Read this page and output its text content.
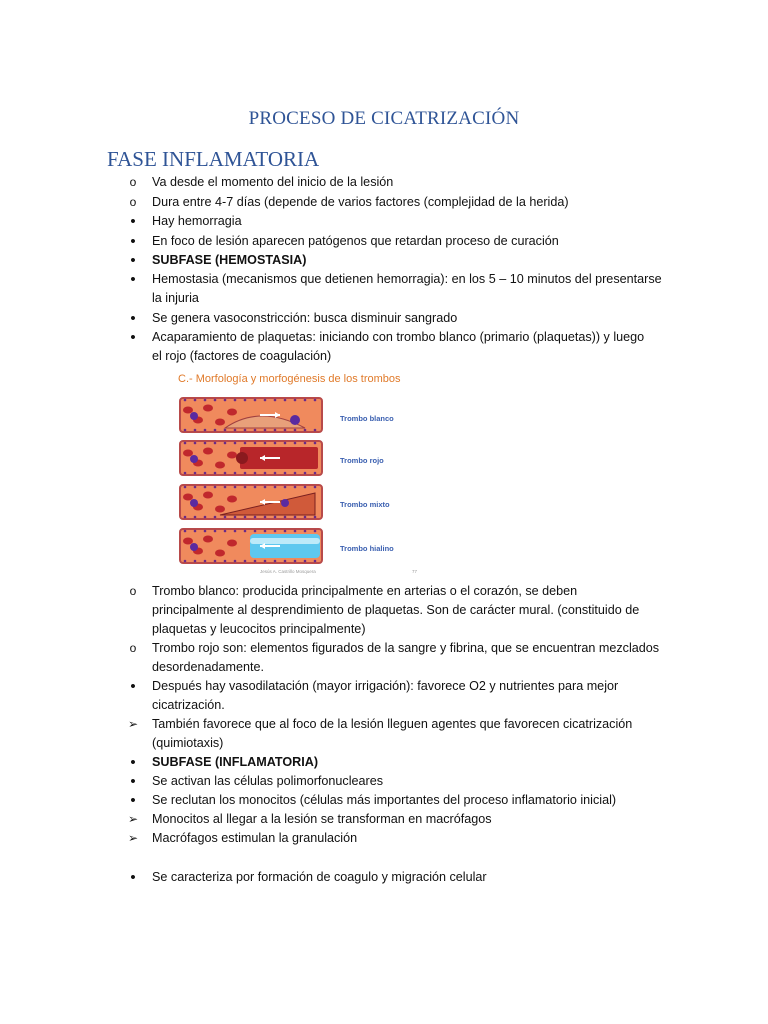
PROCESO DE CICATRIZACIÓN
FASE INFLAMATORIA
o Va desde el momento del inicio de la lesión
o Dura entre 4-7 días (depende de varios factores (complejidad de la herida)
•	Hay hemorragia
•	En foco de lesión aparecen patógenos que retardan proceso de curación
•	SUBFASE (HEMOSTASIA)
•	Hemostasia (mecanismos que detienen hemorragia): en los 5 – 10 minutos del presentarse
la injuria
•	Se genera vasoconstricción: busca disminuir sangrado
•	Acaparamiento de plaquetas: iniciando con trombo blanco (primario (plaquetas)) y luego
el rojo (factores de coagulación)
o Trombo blanco: producida principalmente en arterias o el corazón, se deben
principalmente al desprendimiento de plaquetas. Son de carácter mural. (constituido de
plaquetas y leucocitos principalmente)
o Trombo rojo son: elementos figurados de la sangre y fibrina, que se encuentran mezclados
desordenadamente.
•	Después hay vasodilatación (mayor irrigación): favorece O2 y nutrientes para mejor
cicatrización.
➢ También favorece que al foco de la lesión lleguen agentes que favorecen cicatrización
(quimiotaxis)
•	SUBFASE (INFLAMATORIA)
•	Se activan las células polimorfonucleares
•	Se reclutan los monocitos (células más importantes del proceso inflamatorio inicial)
➢ Monocitos al llegar a la lesión se transforman en macrófagos
➢ Macrófagos estimulan la granulación
•	Se caracteriza por formación de coagulo y migración celular
C.- Morfología y morfogénesis de los trombos
Trombo blanco
Trombo rojo
Trombo mixto
Trombo hialino
Jesús A. Castrillo Mosquera	77
